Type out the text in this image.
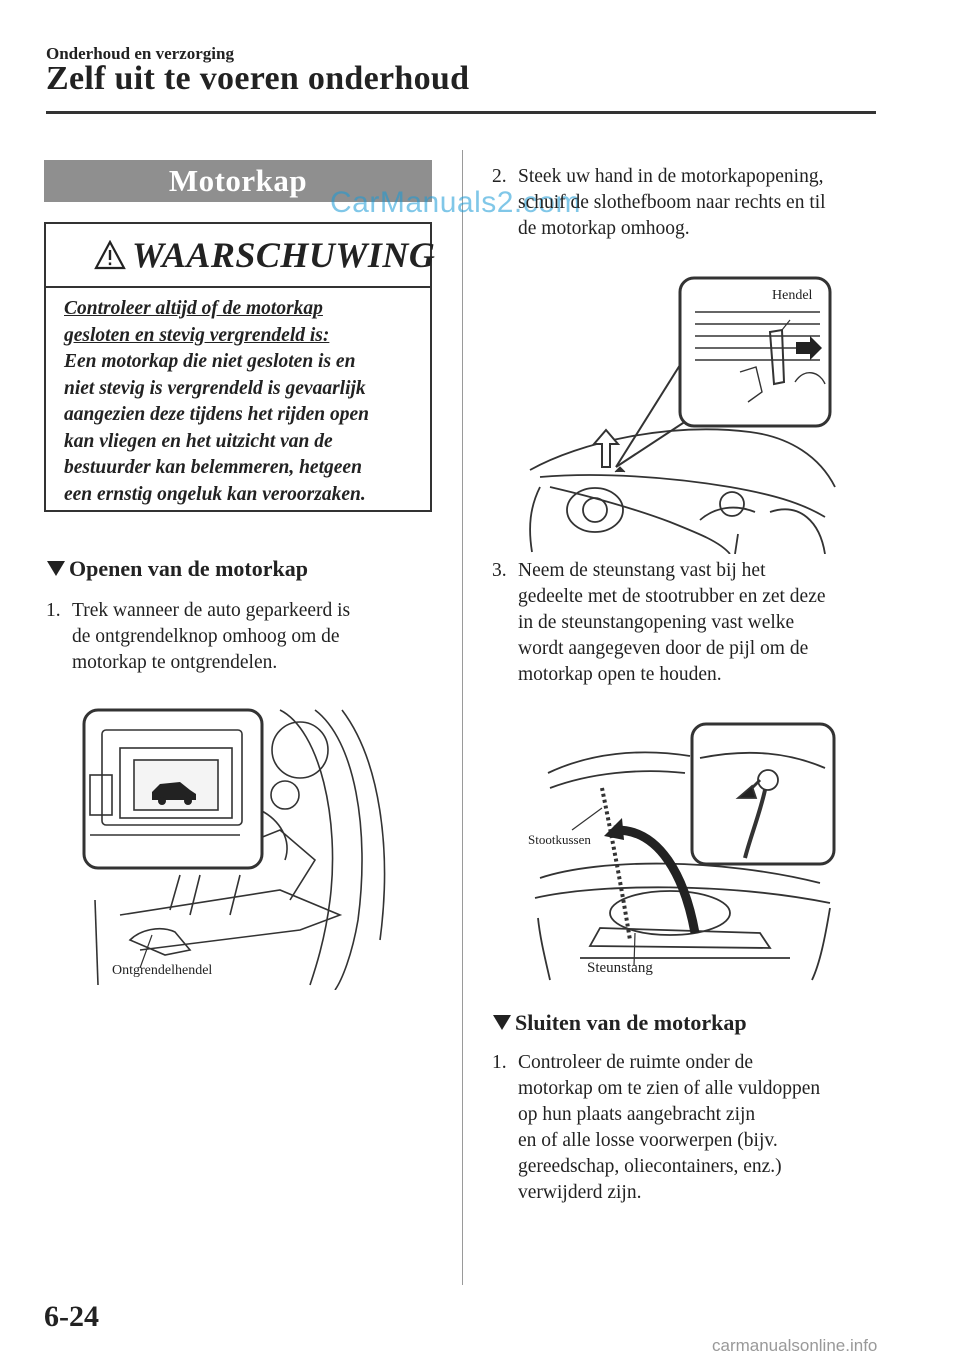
Onderhoud en verzorging
Zelf uit te voeren onderhoud
Motorkap
CarManuals2.com
WAARSCHUWING
Controleer altijd of de motorkap
gesloten en stevig vergrendeld is:
Een motorkap die niet gesloten is en
niet stevig is vergrendeld is gevaarlijk
aangezien deze tijdens het rijden open
kan vliegen en het uitzicht van de
bestuurder kan belemmeren, hetgeen
een ernstig ongeluk kan veroorzaken.
Openen van de motorkap
1. Trek wanneer de auto geparkeerd is
de ontgrendelknop omhoog om de
motorkap te ontgrendelen.
Ontgrendelhendel
2. Steek uw hand in de motorkapopening,
schuif de slothefboom naar rechts en til
de motorkap omhoog.
Hendel
3. Neem de steunstang vast bij het
gedeelte met de stootrubber en zet deze
in de steunstangopening vast welke
wordt aangegeven door de pijl om de
motorkap open te houden.
Stootkussen
Steunstang
Sluiten van de motorkap
1. Controleer de ruimte onder de
motorkap om te zien of alle vuldoppen
op hun plaats aangebracht zijn
en of alle losse voorwerpen (bijv.
gereedschap, oliecontainers, enz.)
verwijderd zijn.
6-24
carmanualsonline.info
